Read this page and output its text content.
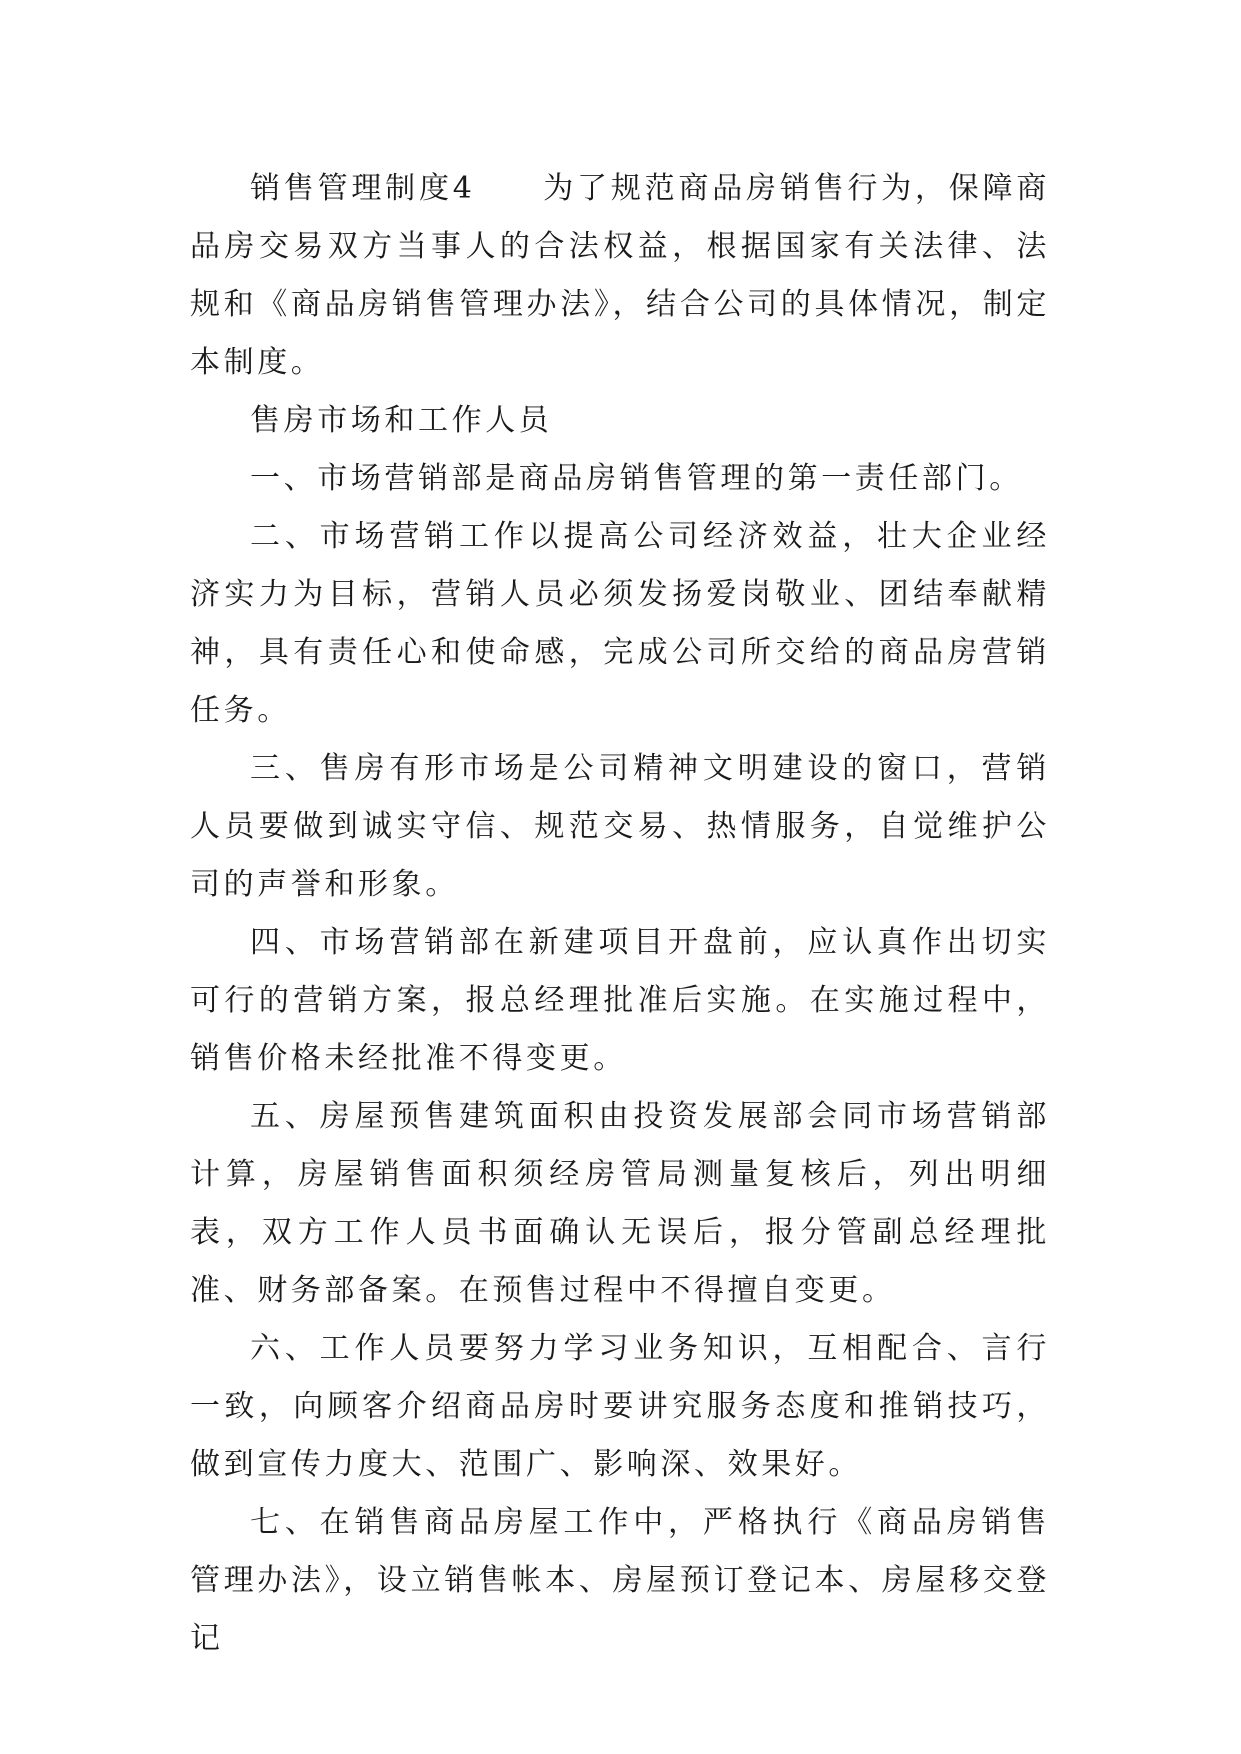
销售管理制度4　　为了规范商品房销售行为，保障商品房交易双方当事人的合法权益，根据国家有关法律、法规和《商品房销售管理办法》，结合公司的具体情况，制定本制度。

售房市场和工作人员

一、市场营销部是商品房销售管理的第一责任部门。

二、市场营销工作以提高公司经济效益，壮大企业经济实力为目标，营销人员必须发扬爱岗敬业、团结奉献精神，具有责任心和使命感，完成公司所交给的商品房营销任务。

三、售房有形市场是公司精神文明建设的窗口，营销人员要做到诚实守信、规范交易、热情服务，自觉维护公司的声誉和形象。

四、市场营销部在新建项目开盘前，应认真作出切实可行的营销方案，报总经理批准后实施。在实施过程中，销售价格未经批准不得变更。

五、房屋预售建筑面积由投资发展部会同市场营销部计算，房屋销售面积须经房管局测量复核后，列出明细表，双方工作人员书面确认无误后，报分管副总经理批准、财务部备案。在预售过程中不得擅自变更。

六、工作人员要努力学习业务知识，互相配合、言行一致，向顾客介绍商品房时要讲究服务态度和推销技巧，做到宣传力度大、范围广、影响深、效果好。

七、在销售商品房屋工作中，严格执行《商品房销售管理办法》，设立销售帐本、房屋预订登记本、房屋移交登记
